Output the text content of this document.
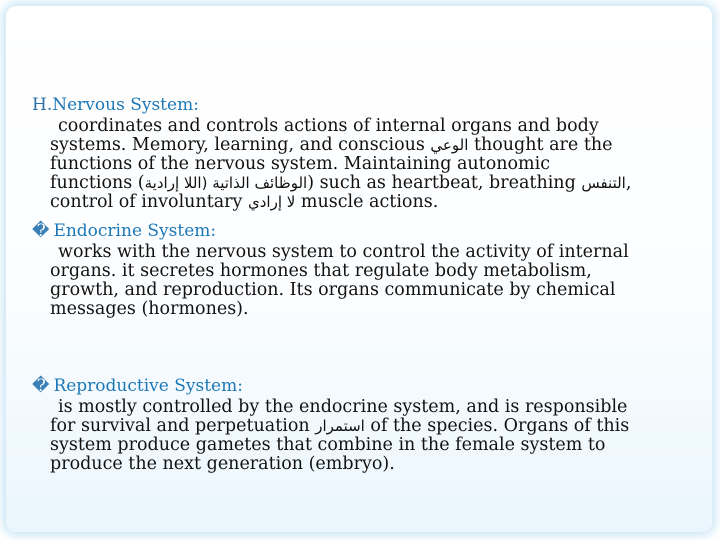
H.Nervous System:
coordinates and controls actions of internal organs and body
systems. Memory, learning, and conscious الوعي thought are the
functions of the nervous system. Maintaining autonomic
functions (الوظائف الذاتية (اللا إرادية) such as heartbeat, breathing التنفس,
control of involuntary لا إرادي muscle actions.
� Endocrine System:
works with the nervous system to control the activity of internal
organs. it secretes hormones that regulate body metabolism,
growth, and reproduction. Its organs communicate by chemical
messages (hormones).
� Reproductive System:
is mostly controlled by the endocrine system, and is responsible
for survival and perpetuation استمرار of the species. Organs of this
system produce gametes that combine in the female system to
produce the next generation (embryo).
